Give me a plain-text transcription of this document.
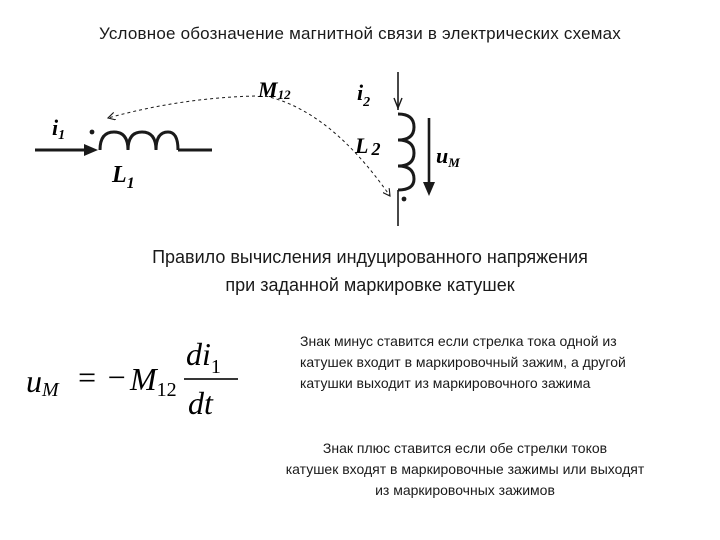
Условное обозначение магнитной связи в электрических схемах
i1
$L_1$
M12	$i_2$
L 2	uM
uM = − M12
$di_1$
dt
Правило вычисления индуцированного напряжения
при заданной маркировке катушек

Знак минус ставится если стрелка тока одной из

катушек входит в маркировочный зажим, а другой

катушки выходит из маркировочного зажима

Знак плюс ставится если обе стрелки токов

катушек входят в маркировочные зажимы или выходят

из маркировочных зажимов
